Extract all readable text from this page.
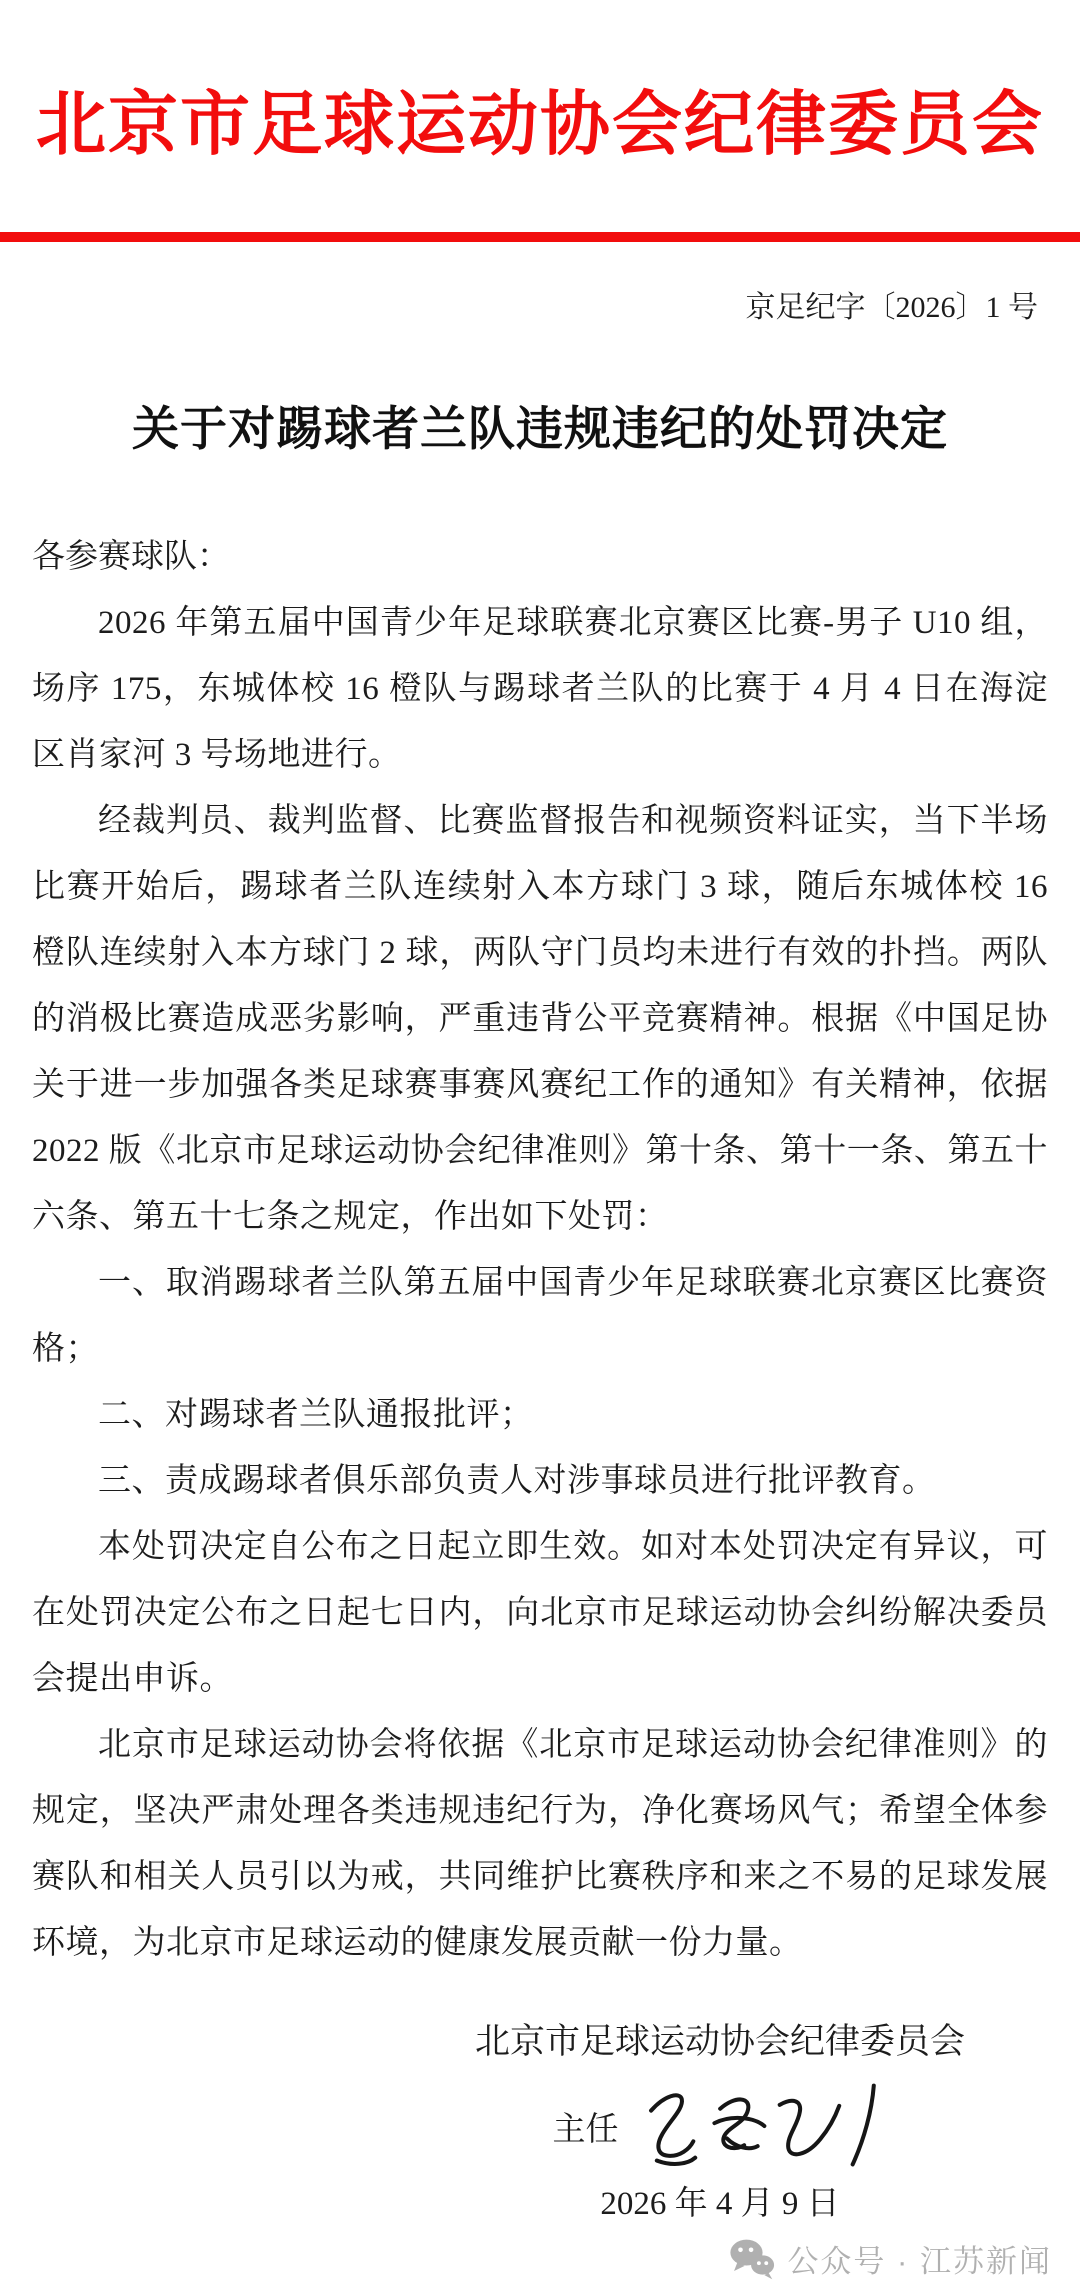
北京市足球运动协会纪律委员会
京足纪字〔2026〕1 号
关于对踢球者兰队违规违纪的处罚决定

各参赛球队：

2026 年第五届中国青少年足球联赛北京赛区比赛-男子 U10 组，场序 175，东城体校 16 橙队与踢球者兰队的比赛于 4 月 4 日在海淀区肖家河 3 号场地进行。

经裁判员、裁判监督、比赛监督报告和视频资料证实，当下半场比赛开始后，踢球者兰队连续射入本方球门 3 球，随后东城体校 16 橙队连续射入本方球门 2 球，两队守门员均未进行有效的扑挡。两队的消极比赛造成恶劣影响，严重违背公平竞赛精神。根据《中国足协关于进一步加强各类足球赛事赛风赛纪工作的通知》有关精神，依据 2022 版《北京市足球运动协会纪律准则》第十条、第十一条、第五十六条、第五十七条之规定，作出如下处罚：

一、取消踢球者兰队第五届中国青少年足球联赛北京赛区比赛资格；

二、对踢球者兰队通报批评；

三、责成踢球者俱乐部负责人对涉事球员进行批评教育。

本处罚决定自公布之日起立即生效。如对本处罚决定有异议，可在处罚决定公布之日起七日内，向北京市足球运动协会纠纷解决委员会提出申诉。

北京市足球运动协会将依据《北京市足球运动协会纪律准则》的规定，坚决严肃处理各类违规违纪行为，净化赛场风气；希望全体参赛队和相关人员引以为戒，共同维护比赛秩序和来之不易的足球发展环境，为北京市足球运动的健康发展贡献一份力量。

北京市足球运动协会纪律委员会
主任
2026 年 4 月 9 日
公众号 · 江苏新闻
